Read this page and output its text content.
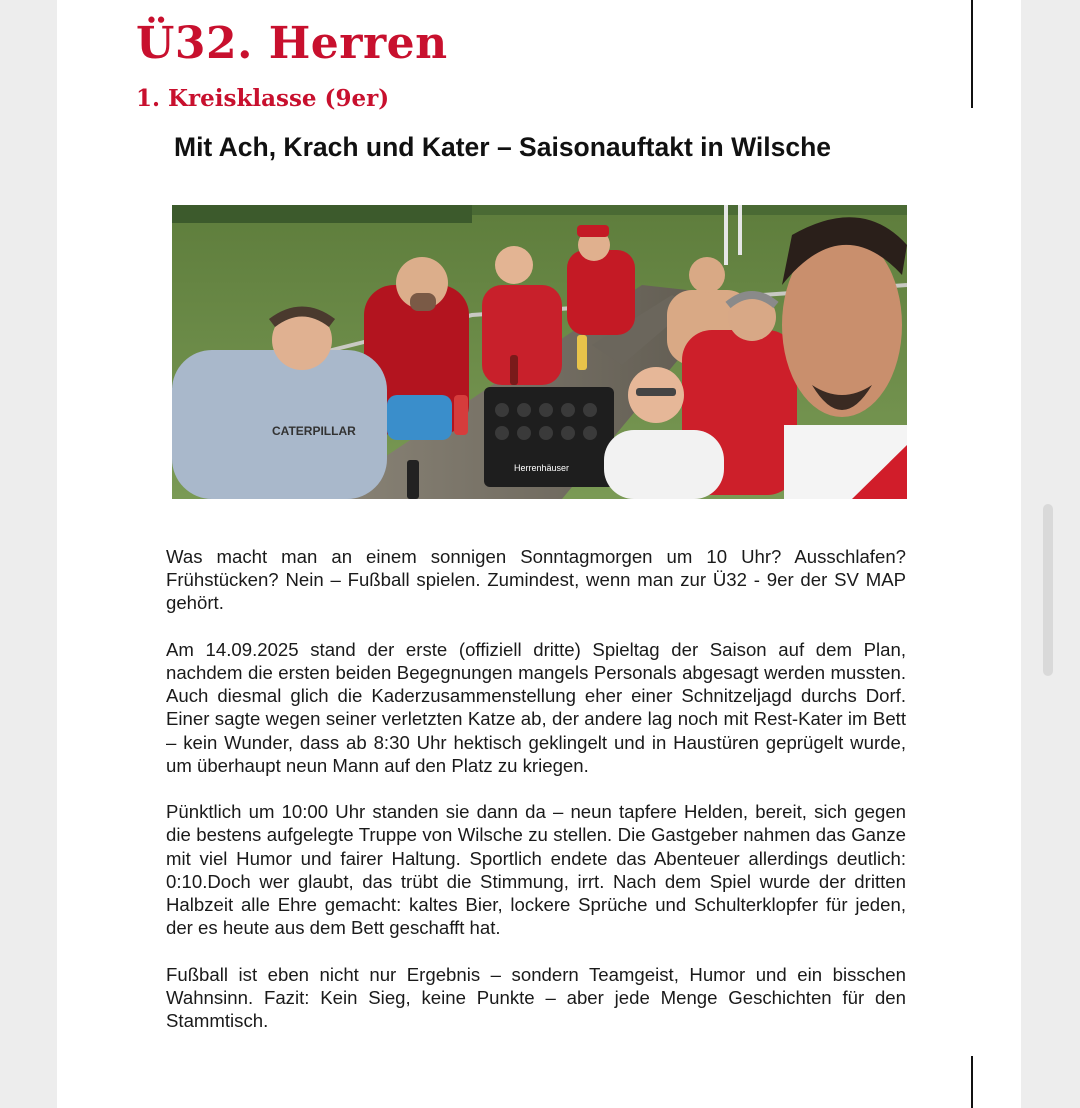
Ü32. Herren
1. Kreisklasse (9er)
Mit Ach, Krach und Kater – Saisonauftakt in Wilsche
CATERPILLAR
Herrenhäuser

Was macht man an einem sonnigen Sonntagmorgen um 10 Uhr? Ausschlafen? Frühstücken? Nein – Fußball spielen. Zumindest, wenn man zur Ü32 - 9er der SV MAP gehört.

Am 14.09.2025 stand der erste (offiziell dritte) Spieltag der Saison auf dem Plan, nachdem die ersten beiden Begegnungen mangels Personals abgesagt werden mussten. Auch diesmal glich die Kaderzusammenstellung eher einer Schnitzeljagd durchs Dorf. Einer sagte wegen seiner verletzten Katze ab, der andere lag noch mit Rest-Kater im Bett – kein Wunder, dass ab 8:30 Uhr hektisch geklingelt und in Haustüren geprügelt wurde, um überhaupt neun Mann auf den Platz zu kriegen.

Pünktlich um 10:00 Uhr standen sie dann da – neun tapfere Helden, bereit, sich gegen die bestens aufgelegte Truppe von Wilsche zu stellen. Die Gastgeber nahmen das Ganze mit viel Humor und fairer Haltung. Sportlich endete das Abenteuer allerdings deutlich: 0:10.Doch wer glaubt, das trübt die Stimmung, irrt. Nach dem Spiel wurde der dritten Halbzeit alle Ehre gemacht: kaltes Bier, lockere Sprüche und Schulterklopfer für jeden, der es heute aus dem Bett geschafft hat.

Fußball ist eben nicht nur Ergebnis – sondern Teamgeist, Humor und ein bisschen Wahnsinn. Fazit: Kein Sieg, keine Punkte – aber jede Menge Geschichten für den Stammtisch.
